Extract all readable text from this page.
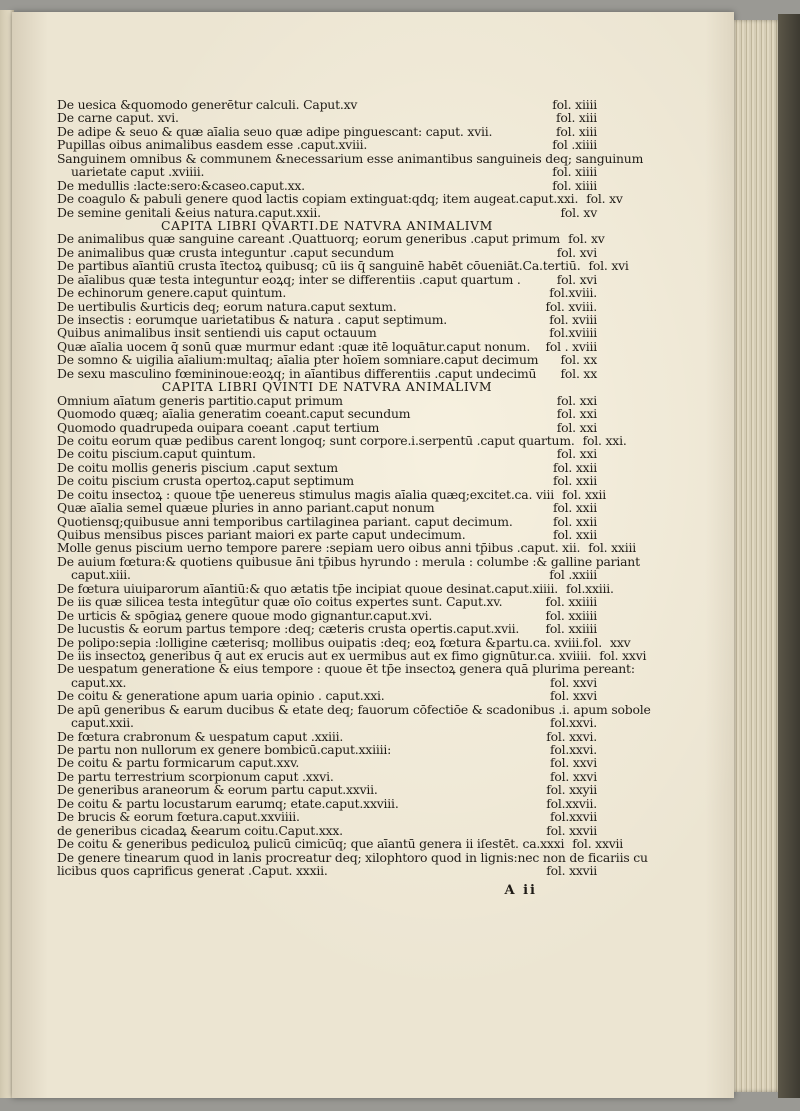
De uesica &quomodo generētur calculi. Caput.xv	fol. xiiii
De carne caput. xvi.	fol. xiii
De adipe & seuo & quæ aīalia seuo quæ adipe pinguescant: caput. xvii.	fol. xiii
Pupillas oibus animalibus easdem esse .caput.xviii.	fol .xiiii
Sanguinem omnibus & communem &necessarium esse animantibus sanguineis deq; sanguinum
uarietate caput .xviiii.	fol. xiiii
De medullis :lacte:sero:&caseo.caput.xx.	fol. xiiii
De coagulo & pabuli genere quod lactis copiam extinguat:qdq; item augeat.caput.xxi. fol. xv
De semine genitali &eius natura.caput.xxii.	fol. xv
CAPITA LIBRI QVARTI.DE NATVRA ANIMALIVM
De animalibus quæ sanguine careant .Quattuorq; eorum generibus .caput primum fol. xv
De animalibus quæ crusta integuntur .caput secundum	fol. xvi
De partibus aīantiū crusta ītectoꝝ quibusq; cū iis q̄ sanguinē habēt cōueniāt.Ca.tertiū. fol. xvi
De aīalibus quæ testa integuntur eoꝝq; inter se differentiis .caput quartum .	fol. xvi
De echinorum genere.caput quintum.	fol.xviii.
De uertibulis &urticis deq; eorum natura.caput sextum.	fol. xviii.
De insectis : eorumque uarietatibus & natura . caput septimum.	fol. xviii
Quibus animalibus insit sentiendi uis caput octauum	fol.xviiii
Quæ aīalia uocem q̄ sonū quæ murmur edant :quæ itē loquātur.caput nonum. fol . xviii
De somno & uigilia aīalium:multaq; aīalia pter hoīem somniare.caput decimum fol. xx
De sexu masculino fœmininoue:eoꝝq; in aīantibus differentiis .caput undecimū fol. xx
CAPITA LIBRI QVINTI DE NATVRA ANIMALIVM
Omnium aīatum generis partitio.caput primum	fol. xxi
Quomodo quæq; aīalia generatim coeant.caput secundum	fol. xxi
Quomodo quadrupeda ouipara coeant .caput tertium	fol. xxi
De coitu eorum quæ pedibus carent longoq; sunt corpore.i.serpentū .caput quartum. fol. xxi.
De coitu piscium.caput quintum.	fol. xxi
De coitu mollis generis piscium .caput sextum	fol. xxii
De coitu piscium crusta opertoꝝ.caput septimum	fol. xxii
De coitu insectoꝝ : quoue tp̄e uenereus stimulus magis aīalia quæq;excitet.ca. viii fol. xxii
Quæ aīalia semel quæue pluries in anno pariant.caput nonum	fol. xxii
Quotiensq;quibusue anni temporibus cartilaginea pariant. caput decimum.	fol. xxii
Quibus mensibus pisces pariant maiori ex parte caput undecimum.	fol. xxii
Molle genus piscium uerno tempore parere :sepiam uero oibus anni tp̄ibus .caput. xii. fol. xxiii
De auium fœtura:& quotiens quibusue āni tp̄ibus hyrundo : merula : columbe :& galline pariant
caput.xiii.	fol .xxiii
De fœtura uiuiparorum aīantiū:& quo ætatis tp̄e incipiat quoue desinat.caput.xiiii. fol.xxiii.
De iis quæ silicea testa integūtur quæ oīo coitus expertes sunt. Caput.xv.	fol. xxiiii
De urticis & spōgiaꝝ genere quoue modo gignantur.caput.xvi.	fol. xxiiii
De lucustis & eorum partus tempore :deq; cæteris crusta opertis.caput.xvii. fol. xxiiii
De polipo:sepia :lolligine cæterisq; mollibus ouipatis :deq; eoꝝ fœtura &partu.ca. xviii.fol. xxv
De iis insectoꝝ generibus q̄ aut ex erucis aut ex uermibus aut ex fimo gignūtur.ca. xviiii. fol. xxvi
De uespatum generatione & eius tempore : quoue ēt tp̄e insectoꝝ genera quā plurima pereant:
caput.xx.	fol. xxvi
De coitu & generatione apum uaria opinio . caput.xxi.	fol. xxvi
De apū generibus & earum ducibus & etate deq; fauorum cōfectiōe & scadonibus .i. apum sobole
caput.xxii.	fol.xxvi.
De fœtura crabronum & uespatum caput .xxiii.	fol. xxvi.
De partu non nullorum ex genere bombicū.caput.xxiiii:	fol.xxvi.
De coitu & partu formicarum caput.xxv.	fol. xxvi
De partu terrestrium scorpionum caput .xxvi.	fol. xxvi
De generibus araneorum & eorum partu caput.xxvii.	fol. xxyii
De coitu & partu locustarum earumq; etate.caput.xxviii.	fol.xxvii.
De brucis & eorum fœtura.caput.xxviiii.	fol.xxvii
de generibus cicadaꝝ &earum coitu.Caput.xxx.	fol. xxvii
De coitu & generibus pediculoꝝ pulicū cimicūq; que aīantū genera ii iſestēt. ca.xxxi fol. xxvii
De genere tinearum quod in lanis procreatur deq; xilophtoro quod in lignis:nec non de ficariis cu
licibus quos caprificus generat .Caput. xxxii.	fol. xxvii
A ii
